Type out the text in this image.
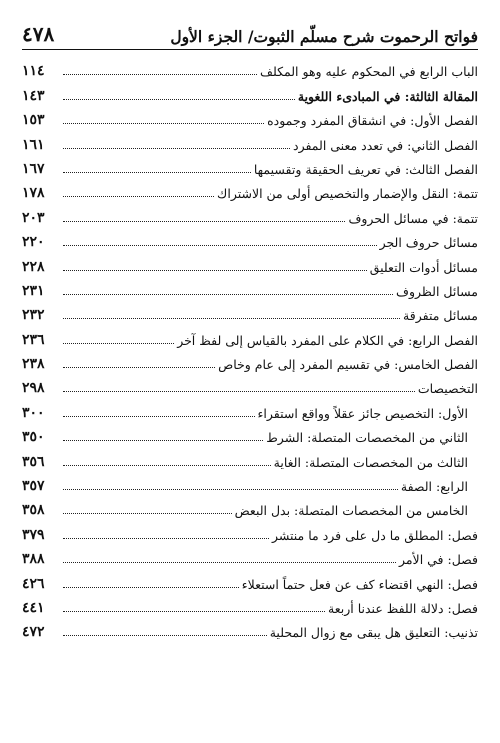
فواتح الرحموت شرح مسلّم الثبوت/ الجزء الأول
٤٧٨
الباب الرابع في المحكوم عليه وهو المكلف
١١٤
المقالة الثالثة: في المبادىء اللغوية
١٤٣
الفصل الأول: في انشقاق المفرد وجموده
١٥٣
الفصل الثاني: في تعدد معنى المفرد
١٦١
الفصل الثالث: في تعريف الحقيقة وتقسيمها
١٦٧
تتمة: النقل والإضمار والتخصيص أولى من الاشتراك
١٧٨
تتمة: في مسائل الحروف
٢٠٣
مسائل حروف الجر
٢٢٠
مسائل أدوات التعليق
٢٢٨
مسائل الظروف
٢٣١
مسائل متفرقة
٢٣٢
الفصل الرابع: في الكلام على المفرد بالقياس إلى لفظ آخر
٢٣٦
الفصل الخامس: في تقسيم المفرد إلى عام وخاص
٢٣٨
التخصيصات
٢٩٨
الأول: التخصيص جائز عقلاً وواقع استقراء
٣٠٠
الثاني من المخصصات المتصلة: الشرط
٣٥٠
الثالث من المخصصات المتصلة: الغاية
٣٥٦
الرابع: الصفة
٣٥٧
الخامس من المخصصات المتصلة: بدل البعض
٣٥٨
فصل: المطلق ما دل على فرد ما منتشر
٣٧٩
فصل: في الأمر
٣٨٨
فصل: النهي اقتضاء كف عن فعل حتماً استعلاء
٤٢٦
فصل: دلالة اللفظ عندنا أربعة
٤٤١
تذنيب: التعليق هل يبقى مع زوال المحلية
٤٧٢
